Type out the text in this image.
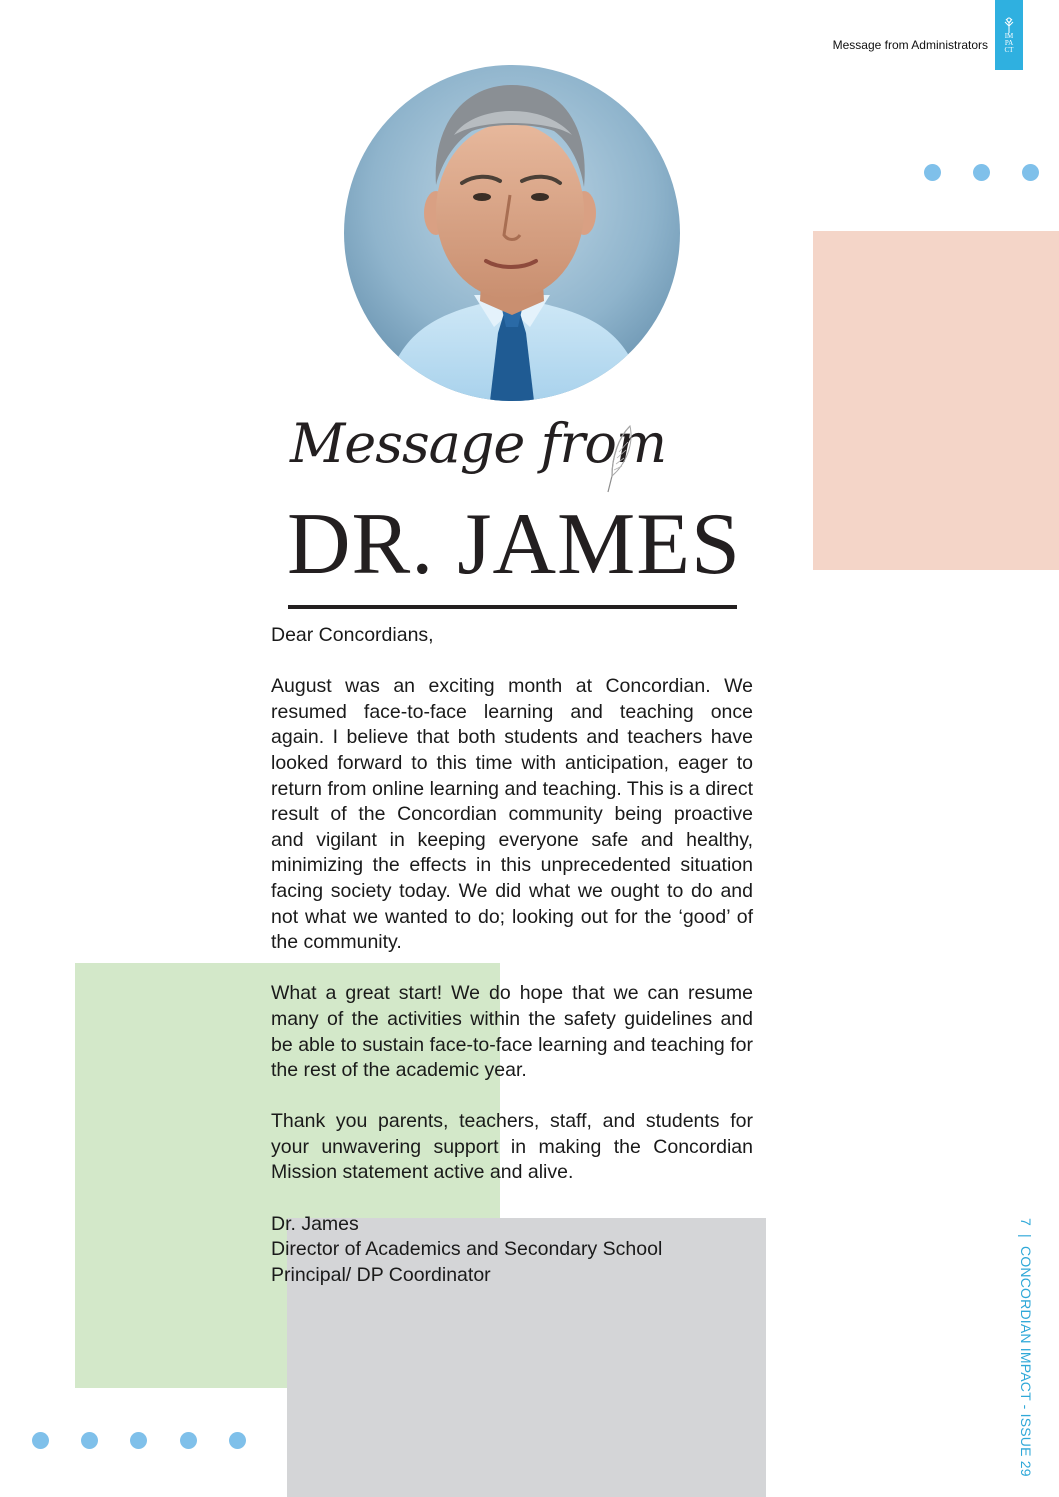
Message from Administrators
IM
PA
CT
Message from
DR. JAMES

Dear Concordians,

August was an exciting month at Concordian. We resumed face-to-face learning and teaching once again. I believe that both students and teachers have looked forward to this time with anticipation, eager to return from online learning and teaching. This is a direct result of the Concordian community being proactive and vigilant in keeping everyone safe and healthy, minimizing the effects in this unprecedented situation facing society today. We did what we ought to do and not what we wanted to do; looking out for the ‘good’ of the community.

What a great start! We do hope that we can resume many of the activities within the safety guidelines and be able to sustain face-to-face learning and teaching for the rest of the academic year.

Thank you parents, teachers, staff, and students for your unwavering support in making the Concordian Mission statement active and alive.

Dr. James

Director of Academics and Secondary School

Principal/ DP Coordinator

7 | CONCORDIAN IMPACT - ISSUE 29
